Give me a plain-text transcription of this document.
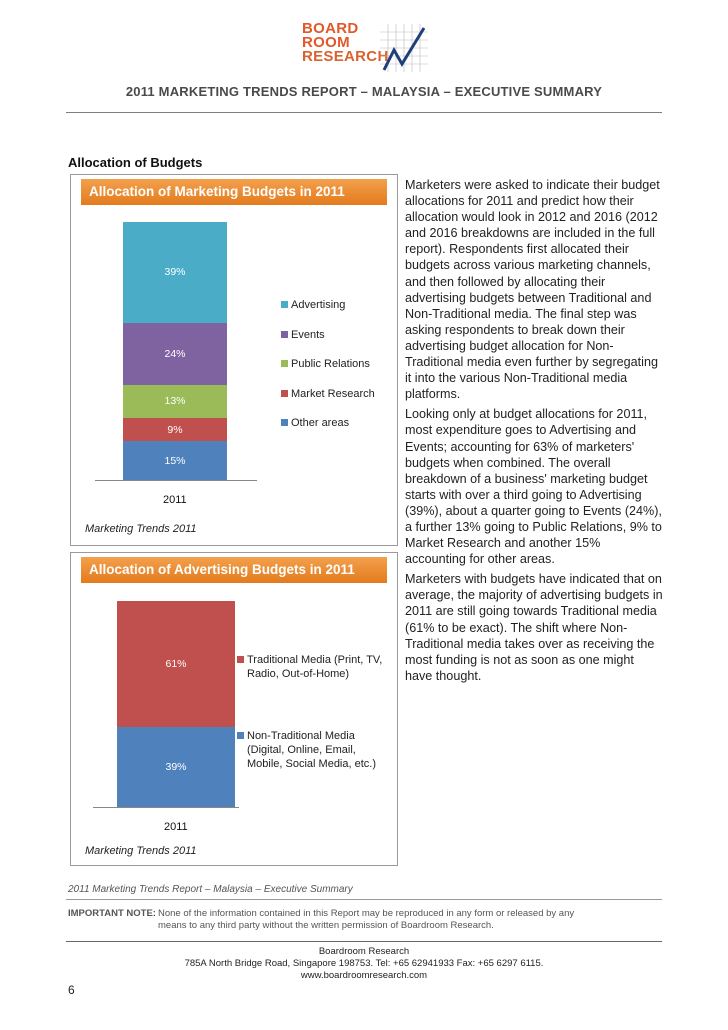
BOARD
ROOM
RESEARCH
2011 MARKETING TRENDS REPORT – MALAYSIA – EXECUTIVE SUMMARY
Allocation of Budgets
Allocation of Marketing Budgets in 2011
15%
9%
13%
24%
39%
2011
Advertising
Events
Public Relations
Market Research
Other areas
Marketing Trends 2011
Allocation of Advertising Budgets in 2011
39%
61%
2011
Traditional Media (Print, TV, Radio, Out-of-Home)
Non-Traditional Media (Digital, Online, Email, Mobile, Social Media, etc.)
Marketing Trends 2011

Marketers were asked to indicate their budget allocations for 2011 and predict how their allocation would look in 2012 and 2016 (2012 and 2016 breakdowns are included in the full report). Respondents first allocated their budgets across various marketing channels, and then followed by allocating their advertising budgets between Traditional and Non-Traditional media. The final step was asking respondents to break down their advertising budget allocation for Non-Traditional media even further by segregating it into the various Non-Traditional media platforms.

Looking only at budget allocations for 2011, most expenditure goes to Advertising and Events; accounting for 63% of marketers' budgets when combined. The overall breakdown of a business' marketing budget starts with over a third going to Advertising (39%), about a quarter going to Events (24%), a further 13% going to Public Relations, 9% to Market Research and another 15% accounting for other areas.

Marketers with budgets have indicated that on average, the majority of advertising budgets in 2011 are still going towards Traditional media (61% to be exact). The shift where Non-Traditional media takes over as receiving the most funding is not as soon as one might have thought.

2011 Marketing Trends Report – Malaysia – Executive Summary
IMPORTANT NOTE: None of the information contained in this Report may be reproduced in any form or released by any means to any third party without the written permission of Boardroom Research.
Boardroom Research
785A North Bridge Road, Singapore 198753. Tel: +65 62941933 Fax: +65 6297 6115.
www.boardroomresearch.com
6
